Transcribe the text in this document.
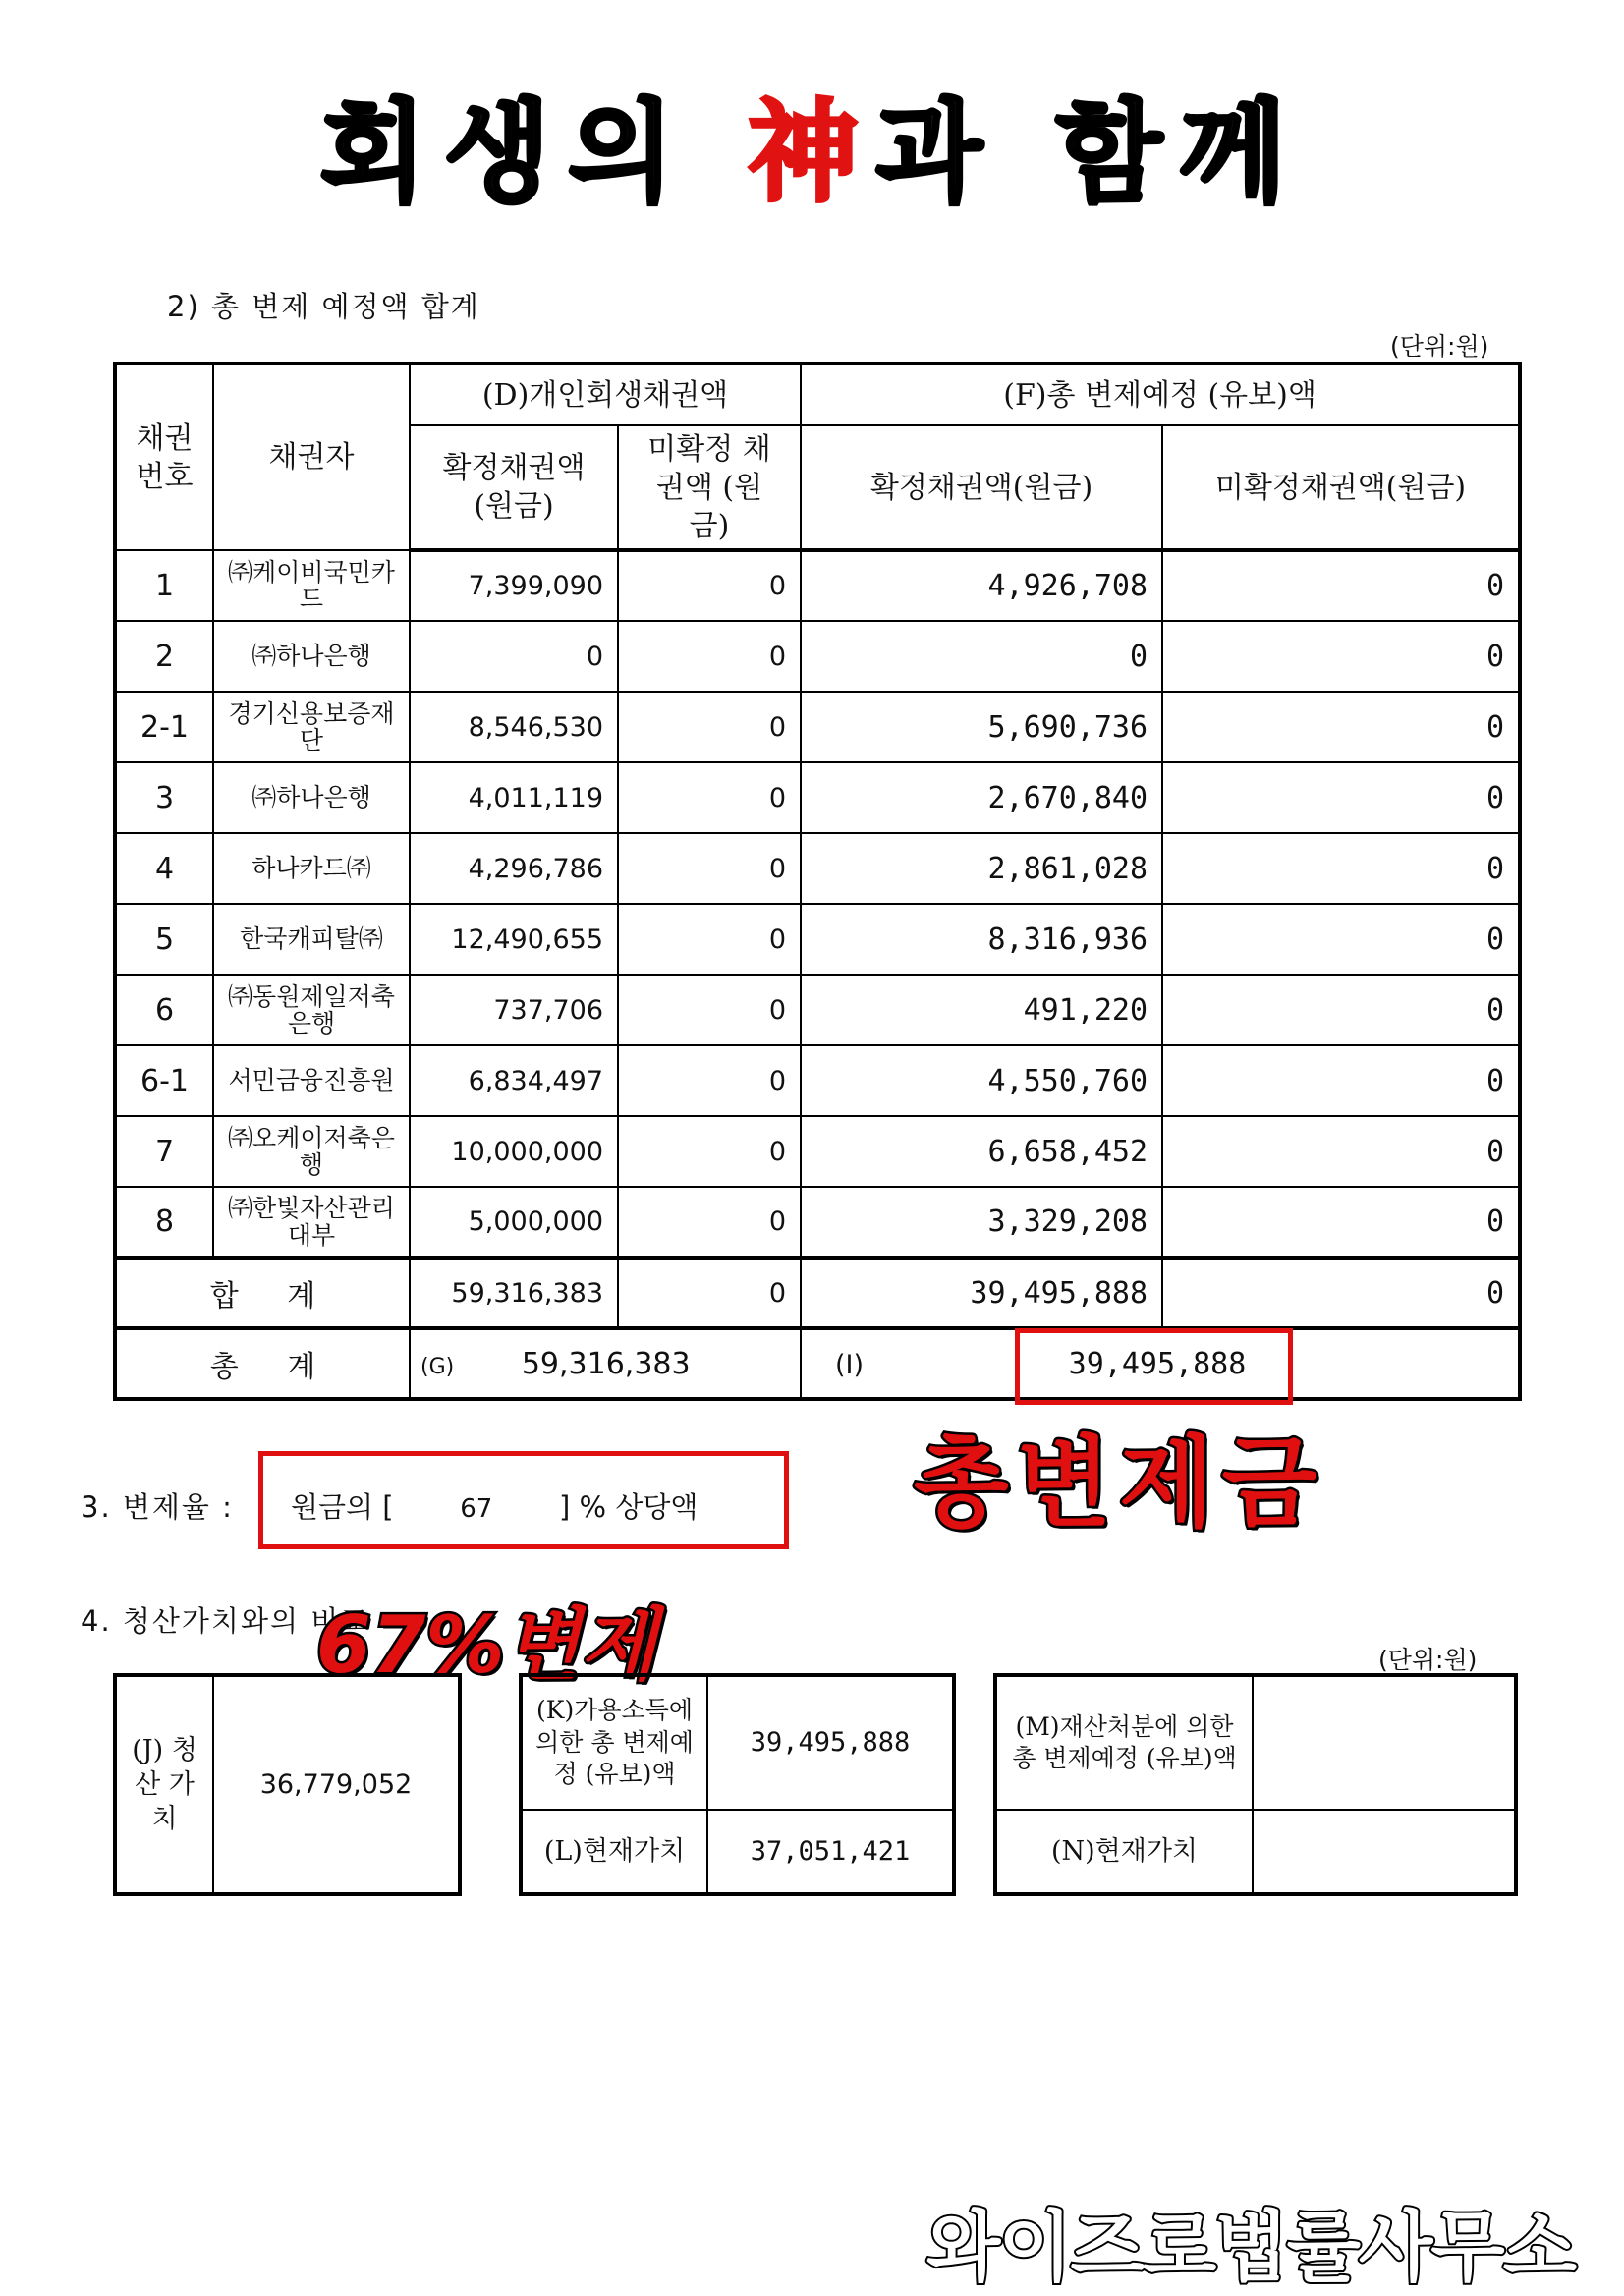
회생의 神과 함께
2) 총 변제 예정액 합계
(단위:원)
채권 번호	채권자	(D)개인회생채권액		(F)총 변제예정 (유보)액	
		확정채권액 (원금)	미확정 채권액 (원금)	확정채권액(원금)	미확정채권액(원금)
1	㈜케이비국민카드	7,399,090	0	4,926,708	0
2	㈜하나은행	0	0	0	0
2-1	경기신용보증재단	8,546,530	0	5,690,736	0
3	㈜하나은행	4,011,119	0	2,670,840	0
4	하나카드㈜	4,296,786	0	2,861,028	0
5	한국캐피탈㈜	12,490,655	0	8,316,936	0
6	㈜동원제일저축은행	737,706	0	491,220	0
6-1	서민금융진흥원	6,834,497	0	4,550,760	0
7	㈜오케이저축은행	10,000,000	0	6,658,452	0
8	㈜한빛자산관리대부	5,000,000	0	3,329,208	0
합 계		59,316,383	0	39,495,888	0
총 계		(G) 59,316,383		(I) 39,495,888	
3. 변제율 : 원금의 [	67 ] % 상당액 총변제금
4. 청산가치와의 비교
67%변제	(단위:원)
(J) 청산 가치	36,779,052
(K)가용소득에 의한 총 변제예정 (유보)액	39,495,888
(L)현재가치	37,051,421
(M)재산처분에 의한 총 변제예정 (유보)액	
(N)현재가치	
와이즈로법률사무소
